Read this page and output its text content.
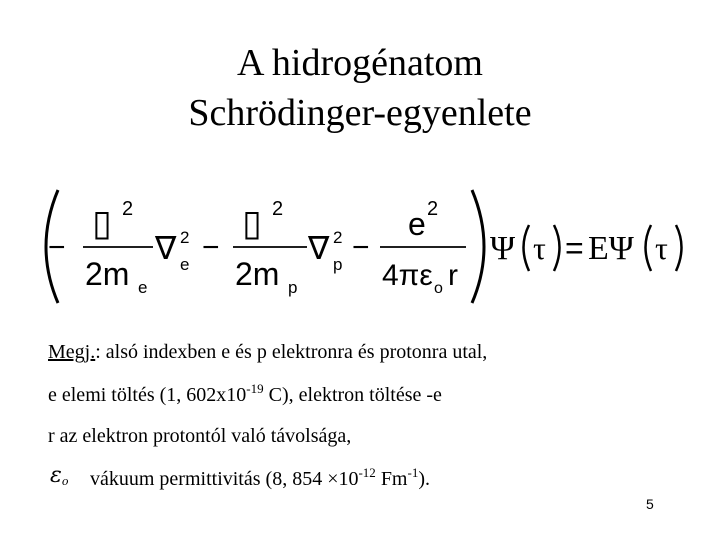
A hidrogénatom
Schrödinger-egyenlete
−
▯ 2
2m e
∇ 2
e
−
▯ 2
2m p
∇ 2
p
−
e 2
4πε o r
Ψ τ = EΨ τ
Megj.: alsó indexben e és p elektronra és protonra utal,
e elemi töltés (1, $602x10^{-19}$ C), elektron töltése -e
r az elektron protontól való távolsága,
$\varepsilon_o$ vákuum permittivitás (8, $854 \times 10^{-12}$ $Fm^{-1}$).
5
